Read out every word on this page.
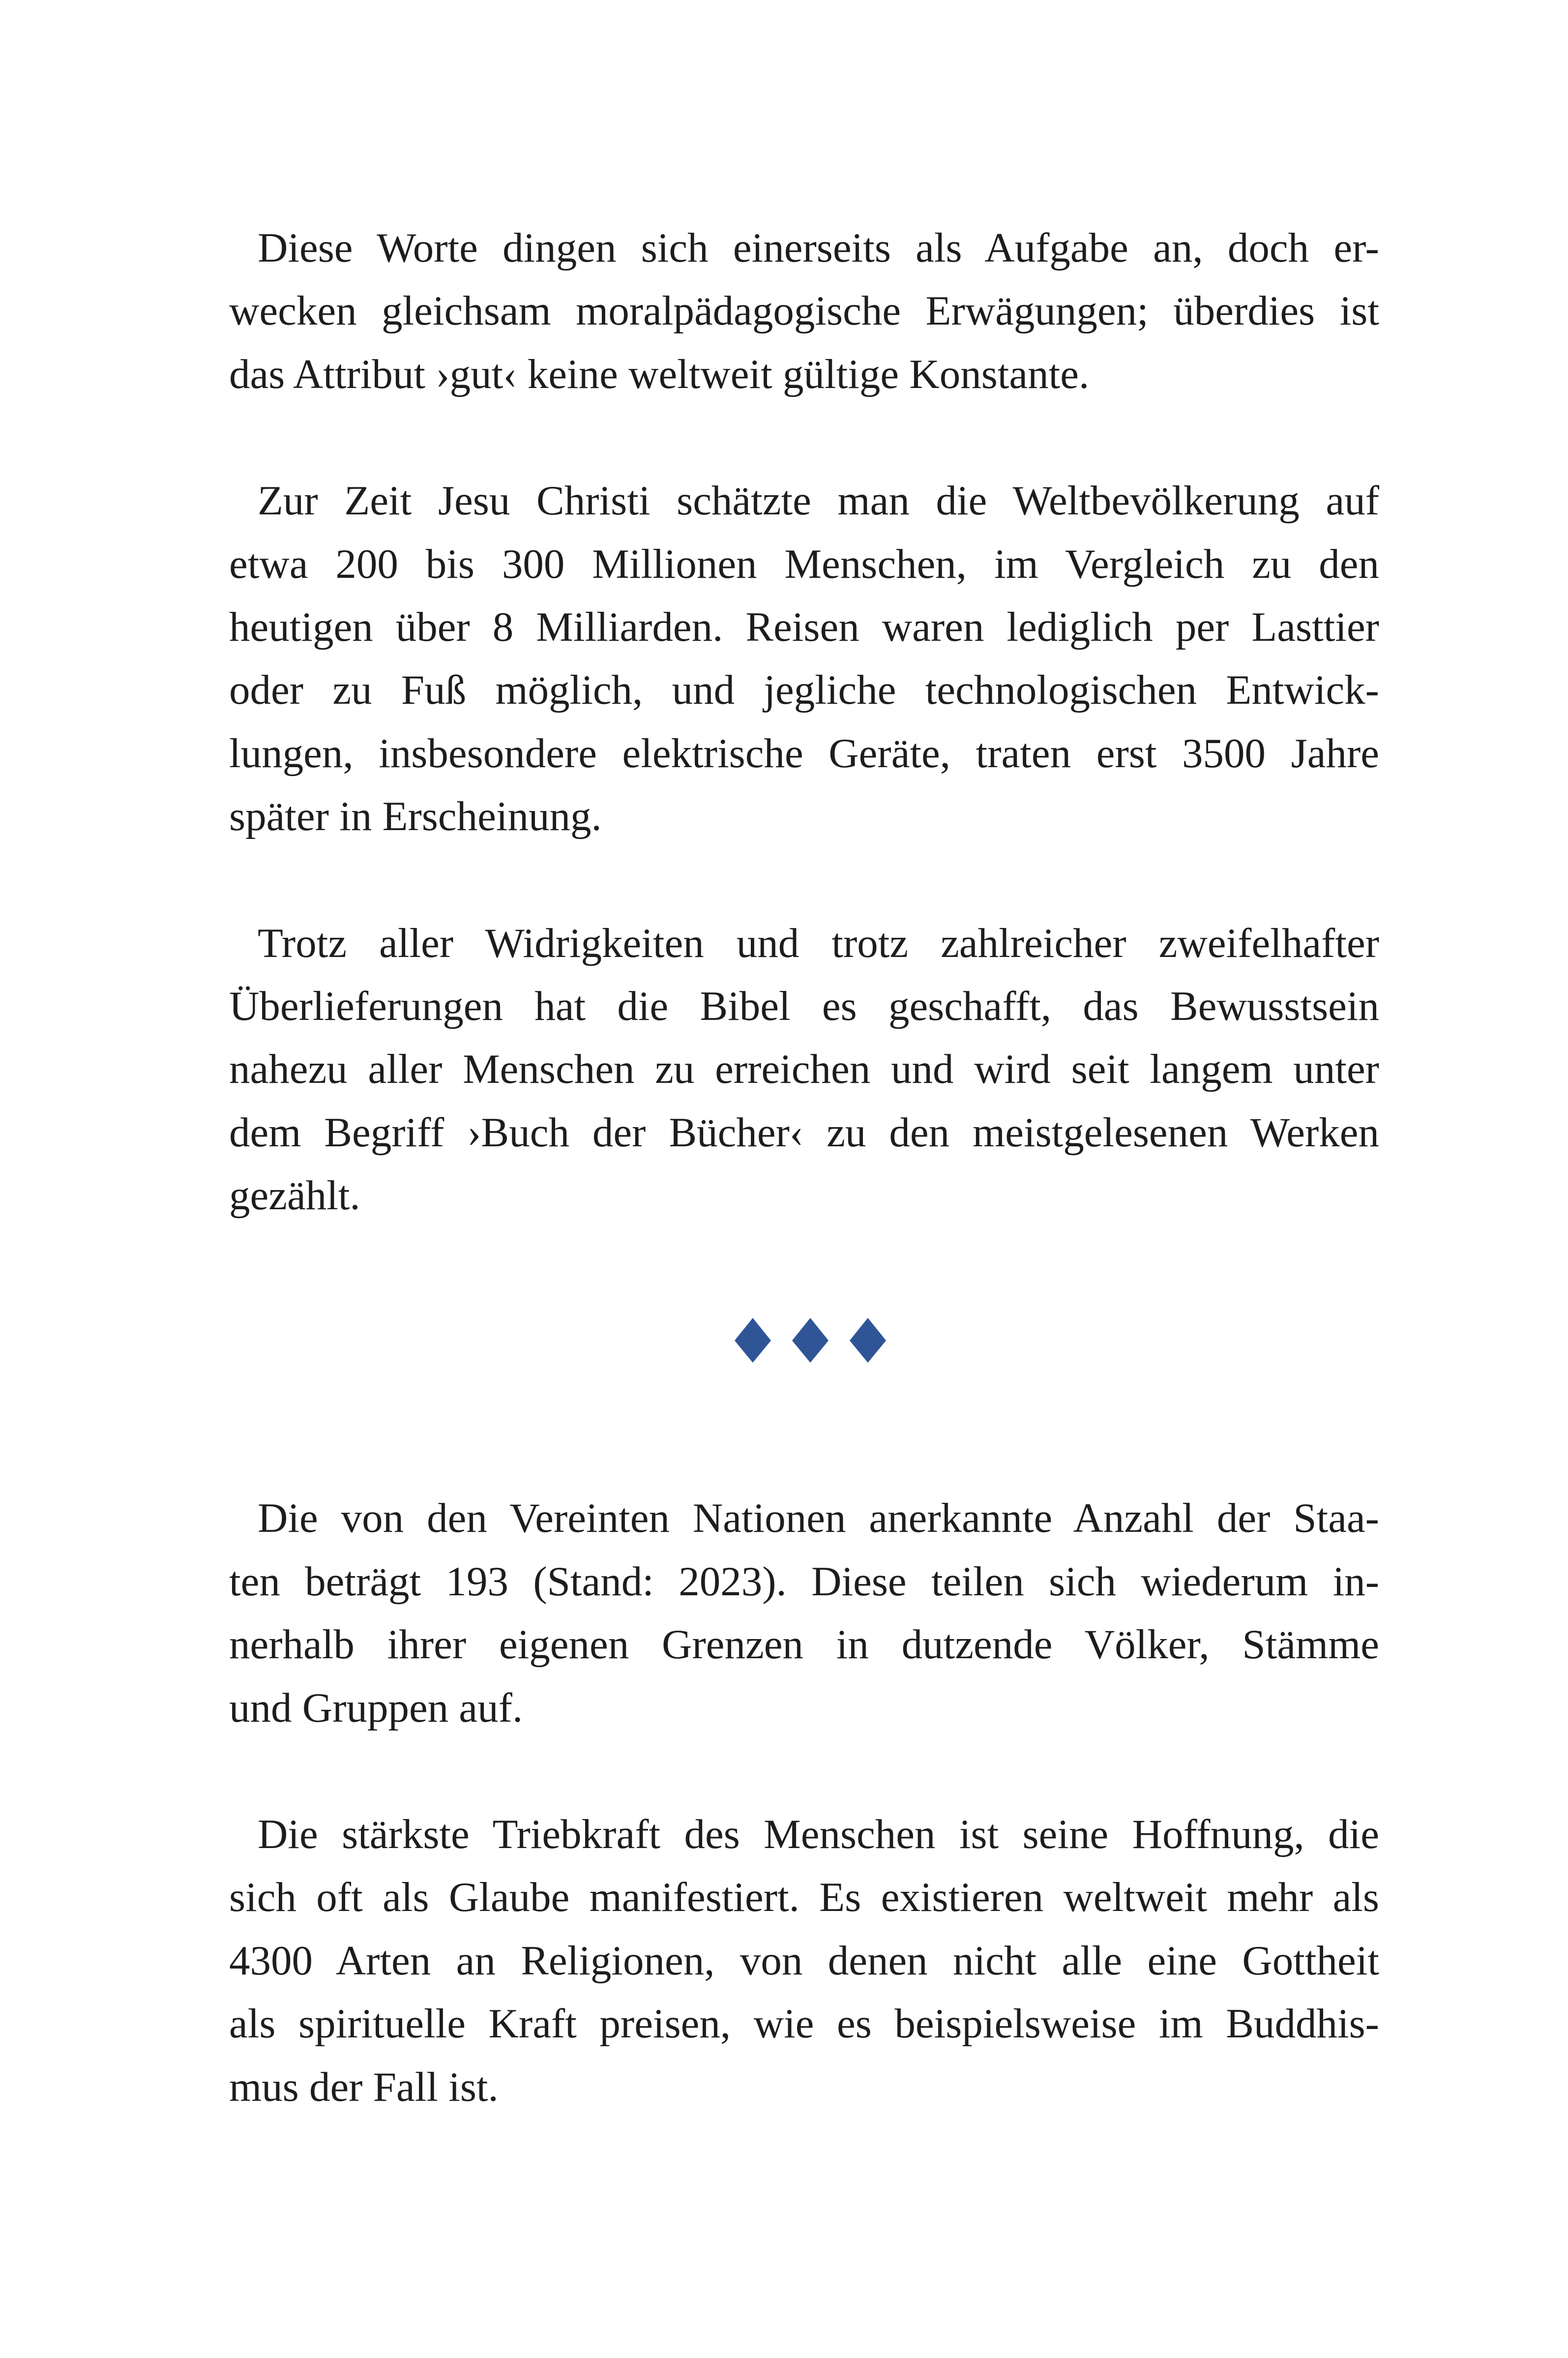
Diese Worte dingen sich einerseits als Aufgabe an, doch er-
wecken gleichsam moralpädagogische Erwägungen; überdies ist
das Attribut ›gut‹ keine weltweit gültige Konstante.

Zur Zeit Jesu Christi schätzte man die Weltbevölkerung auf
etwa 200 bis 300 Millionen Menschen, im Vergleich zu den
heutigen über 8 Milliarden. Reisen waren lediglich per Lasttier
oder zu Fuß möglich, und jegliche technologischen Entwick-
lungen, insbesondere elektrische Geräte, traten erst 3500 Jahre
später in Erscheinung.

Trotz aller Widrigkeiten und trotz zahlreicher zweifelhafter
Überlieferungen hat die Bibel es geschafft, das Bewusstsein
nahezu aller Menschen zu erreichen und wird seit langem unter
dem Begriff ›Buch der Bücher‹ zu den meistgelesenen Werken
gezählt.

Die von den Vereinten Nationen anerkannte Anzahl der Staa-
ten beträgt 193 (Stand: 2023). Diese teilen sich wiederum in-
nerhalb ihrer eigenen Grenzen in dutzende Völker, Stämme
und Gruppen auf.

Die stärkste Triebkraft des Menschen ist seine Hoffnung, die
sich oft als Glaube manifestiert. Es existieren weltweit mehr als
4300 Arten an Religionen, von denen nicht alle eine Gottheit
als spirituelle Kraft preisen, wie es beispielsweise im Buddhis-
mus der Fall ist.
